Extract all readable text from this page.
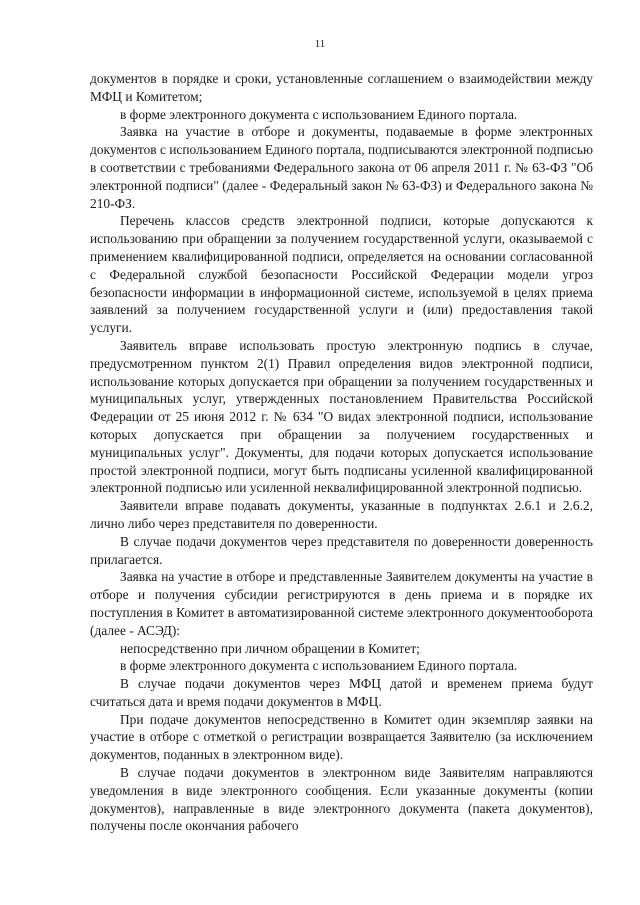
11

документов в порядке и сроки, установленные соглашением о взаимодействии между МФЦ и Комитетом;

в форме электронного документа с использованием Единого портала.

Заявка на участие в отборе и документы, подаваемые в форме электронных документов с использованием Единого портала, подписываются электронной подписью в соответствии с требованиями Федерального закона от 06 апреля 2011 г. № 63-ФЗ "Об электронной подписи" (далее - Федеральный закон № 63-ФЗ) и Федерального закона № 210-ФЗ.

Перечень классов средств электронной подписи, которые допускаются к использованию при обращении за получением государственной услуги, оказываемой с применением квалифицированной подписи, определяется на основании согласованной с Федеральной службой безопасности Российской Федерации модели угроз безопасности информации в информационной системе, используемой в целях приема заявлений за получением государственной услуги и (или) предоставления такой услуги.

Заявитель вправе использовать простую электронную подпись в случае, предусмотренном пунктом 2(1) Правил определения видов электронной подписи, использование которых допускается при обращении за получением государственных и муниципальных услуг, утвержденных постановлением Правительства Российской Федерации от 25 июня 2012 г. № 634 "О видах электронной подписи, использование которых допускается при обращении за получением государственных и муниципальных услуг". Документы, для подачи которых допускается использование простой электронной подписи, могут быть подписаны усиленной квалифицированной электронной подписью или усиленной неквалифицированной электронной подписью.

Заявители вправе подавать документы, указанные в подпунктах 2.6.1 и 2.6.2, лично либо через представителя по доверенности.

В случае подачи документов через представителя по доверенности доверенность прилагается.

Заявка на участие в отборе и представленные Заявителем документы на участие в отборе и получения субсидии регистрируются в день приема и в порядке их поступления в Комитет в автоматизированной системе электронного документооборота (далее - АСЭД):

непосредственно при личном обращении в Комитет;

в форме электронного документа с использованием Единого портала.

В случае подачи документов через МФЦ датой и временем приема будут считаться дата и время подачи документов в МФЦ.

При подаче документов непосредственно в Комитет один экземпляр заявки на участие в отборе с отметкой о регистрации возвращается Заявителю (за исключением документов, поданных в электронном виде).

В случае подачи документов в электронном виде Заявителям направляются уведомления в виде электронного сообщения. Если указанные документы (копии документов), направленные в виде электронного документа (пакета документов), получены после окончания рабочего
